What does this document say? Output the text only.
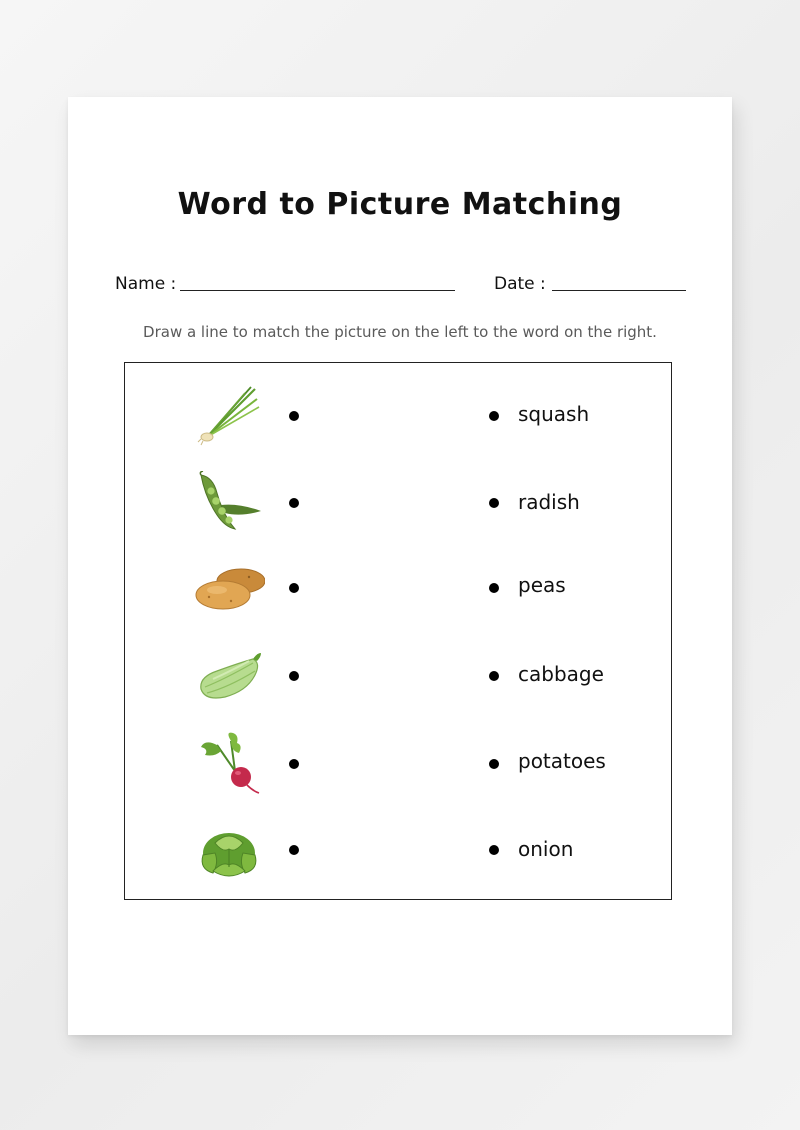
Word to Picture Matching
Name :	Date :
Draw a line to match the picture on the left to the word on the right.
squash
radish
peas
cabbage
potatoes
onion
